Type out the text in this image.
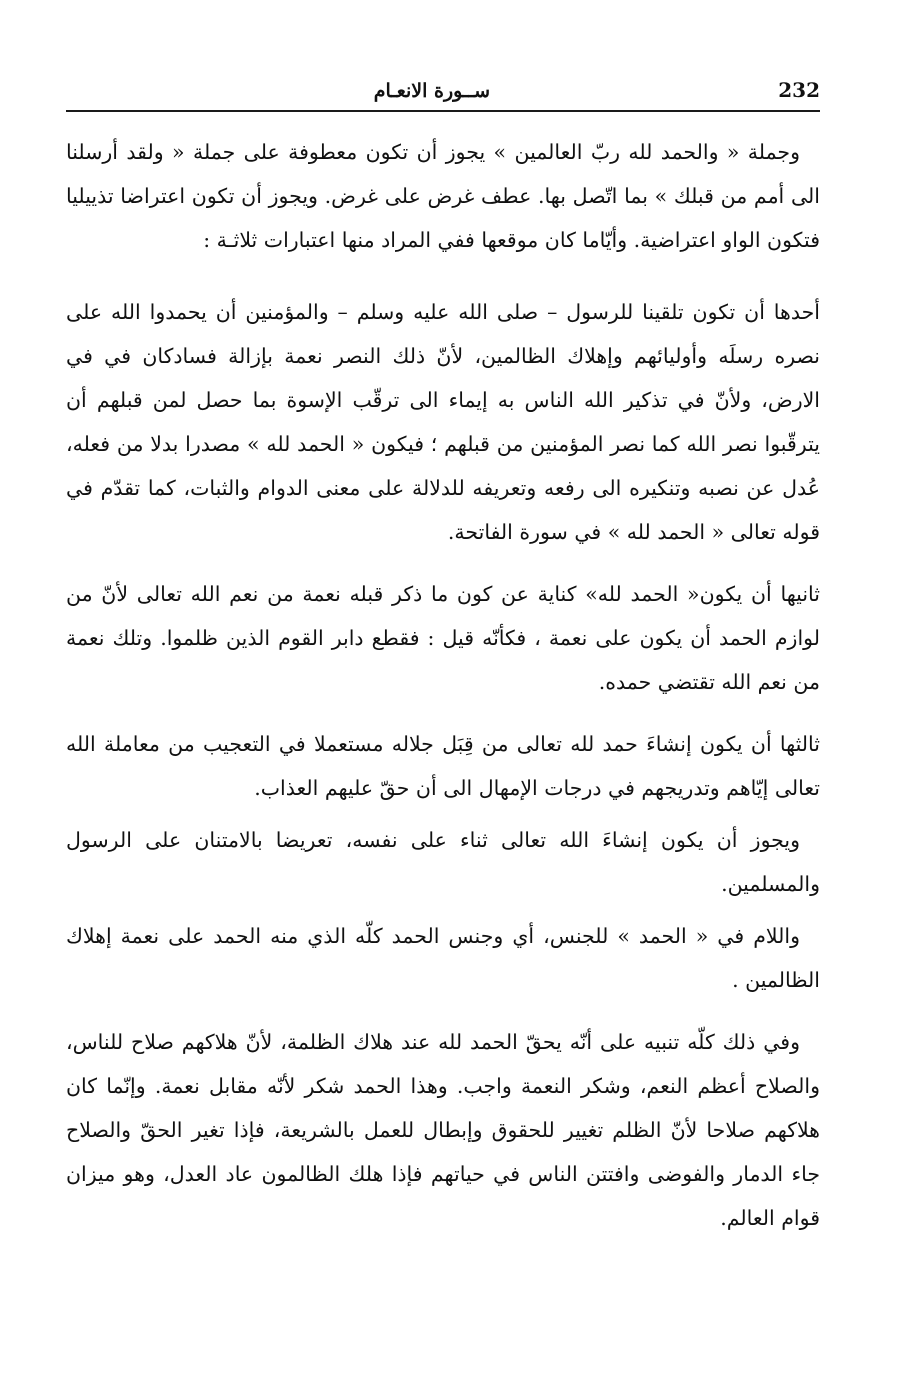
232
ســورة الانعـام

وجملة « والحمد لله ربّ العالمين » يجوز أن تكون معطوفة على جملة « ولقد أرسلنا الى أمم من قبلك » بما اتّصل بها. عطف غرض على غرض. ويجوز أن تكون اعتراضا تذييليا فتكون الواو اعتراضية. وأيّاما كان موقعها ففي المراد منها اعتبارات ثلاثـة :

أحدها أن تكون تلقينا للرسول – صلى الله عليه وسلم – والمؤمنين أن يحمدوا الله على نصره رسلَه وأوليائهم وإهلاك الظالمين، لأنّ ذلك النصر نعمة بإزالة فسادكان في في الارض، ولأنّ في تذكير الله الناس به إيماء الى ترقّب الإسوة بما حصل لمن قبلهم أن يترقّبوا نصر الله كما نصر المؤمنين من قبلهم ؛ فيكون « الحمد لله » مصدرا بدلا من فعله، عُدل عن نصبه وتنكيره الى رفعه وتعريفه للدلالة على معنى الدوام والثبات، كما تقدّم في قوله تعالى « الحمد لله » في سورة الفاتحة.

ثانيها أن يكون« الحمد لله» كناية عن كون ما ذكر قبله نعمة من نعم الله تعالى لأنّ من لوازم الحمد أن يكون على نعمة ، فكأنّه قيل : فقطع دابر القوم الذين ظلموا. وتلك نعمة من نعم الله تقتضي حمده.

ثالثها أن يكون إنشاءَ حمد لله تعالى من قِبَل جلاله مستعملا في التعجيب من معاملة الله تعالى إيّاهم وتدريجهم في درجات الإمهال الى أن حقّ عليهم العذاب.

ويجوز أن يكون إنشاءَ الله تعالى ثناء على نفسه، تعريضا بالامتنان على الرسول والمسلمين.

واللام في « الحمد » للجنس، أي وجنس الحمد كلّه الذي منه الحمد على نعمة إهلاك الظالمين .

وفي ذلك كلّه تنبيه على أنّه يحقّ الحمد لله عند هلاك الظلمة، لأنّ هلاكهم صلاح للناس، والصلاح أعظم النعم، وشكر النعمة واجب. وهذا الحمد شكر لأنّه مقابل نعمة. وإنّما كان هلاكهم صلاحا لأنّ الظلم تغيير للحقوق وإبطال للعمل بالشريعة، فإذا تغير الحقّ والصلاح جاء الدمار والفوضى وافتتن الناس في حياتهم فإذا هلك الظالمون عاد العدل، وهو ميزان قوام العالم.
